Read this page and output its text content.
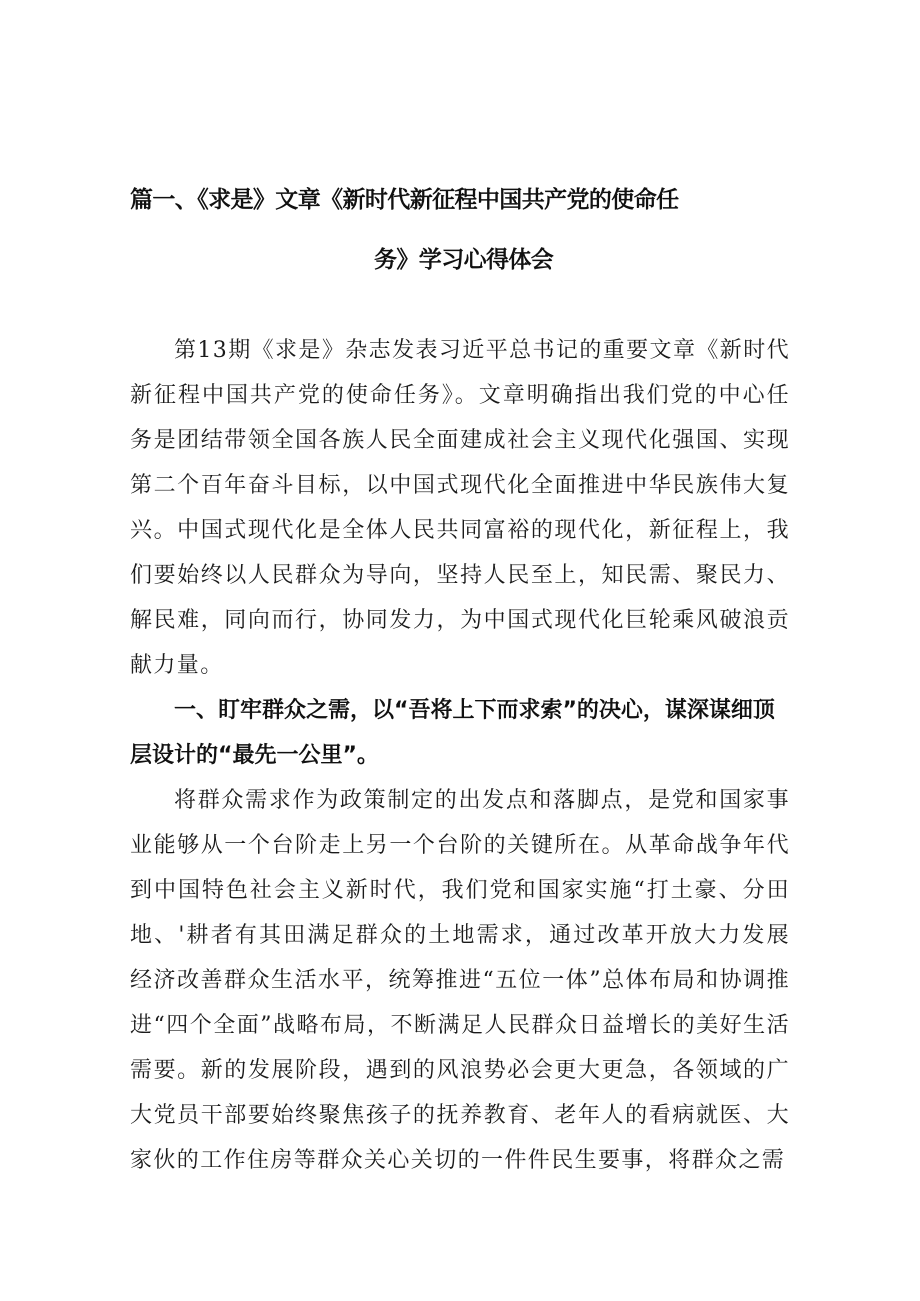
篇一、《求是》文章《新时代新征程中国共产党的使命任
务》学习心得体会

第13期《求是》杂志发表习近平总书记的重要文章《新时代新征程中国共产党的使命任务》。文章明确指出我们党的中心任务是团结带领全国各族人民全面建成社会主义现代化强国、实现第二个百年奋斗目标，以中国式现代化全面推进中华民族伟大复兴。中国式现代化是全体人民共同富裕的现代化，新征程上，我们要始终以人民群众为导向，坚持人民至上，知民需、聚民力、解民难，同向而行，协同发力，为中国式现代化巨轮乘风破浪贡献力量。

一、盯牢群众之需，以“吾将上下而求索”的决心，谋深谋细顶层设计的“最先一公里”。

将群众需求作为政策制定的出发点和落脚点，是党和国家事业能够从一个台阶走上另一个台阶的关键所在。从革命战争年代到中国特色社会主义新时代，我们党和国家实施“打土豪、分田地、'耕者有其田满足群众的土地需求，通过改革开放大力发展经济改善群众生活水平，统筹推进“五位一体”总体布局和协调推进“四个全面”战略布局，不断满足人民群众日益增长的美好生活需要。新的发展阶段，遇到的风浪势必会更大更急，各领域的广大党员干部要始终聚焦孩子的抚养教育、老年人的看病就医、大家伙的工作住房等群众关心关切的一件件民生要事，将群众之需
